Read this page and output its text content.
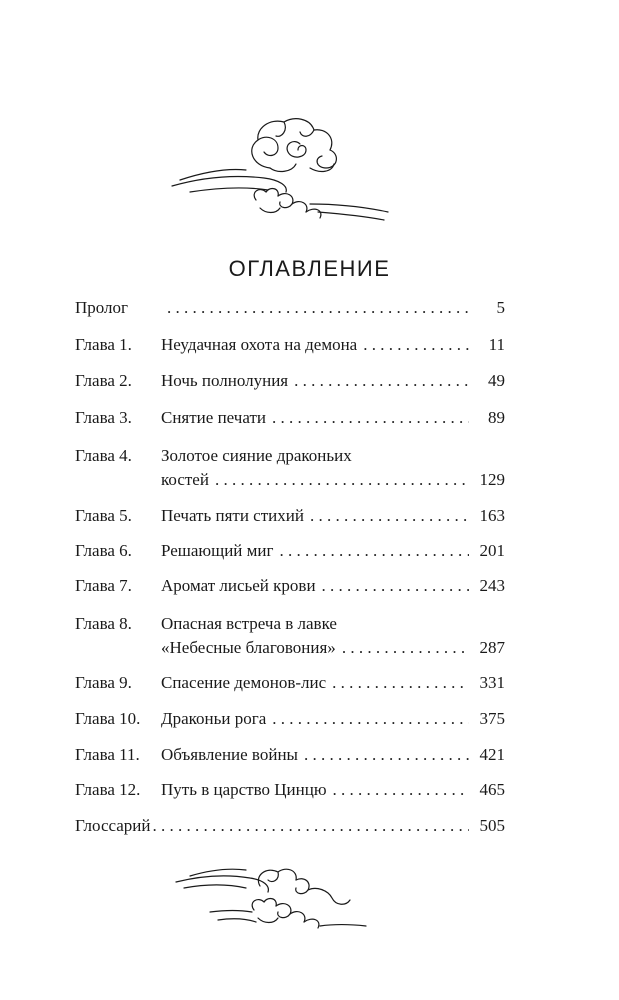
ОГЛАВЛЕНИЕ
Пролог . . .	5
Глава 1. Неудачная охота на демона . . .	11
Глава 2. Ночь полнолуния . . .	49
Глава 3. Снятие печати . . .	89
Глава 4. Золотое сияние драконьих
костей . . .	129
Глава 5. Печать пяти стихий . . .	163
Глава 6. Решающий миг . . .	201
Глава 7. Аромат лисьей крови . . .	243
Глава 8. Опасная встреча в лавке
«Небесные благовония» . . .	287
Глава 9. Спасение демонов-лис . . .	331
Глава 10. Драконьи рога . . .	375
Глава 11. Объявление войны . . .	421
Глава 12. Путь в царство Цинцю . . .	465
Глоссарий . . .	505
